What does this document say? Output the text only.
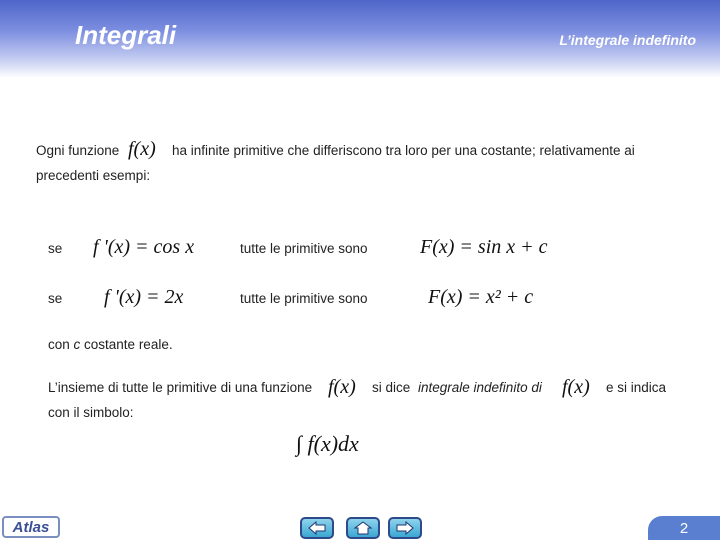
Integrali	L’integrale indefinito
Ogni funzione f(x) ha infinite primitive che differiscono tra loro per una costante; relativamente ai
precedenti esempi:
se f '(x) = cos x	tutte le primitive sono	F(x) = sin x + c
se f '(x) = 2x	tutte le primitive sono	F(x) = x² + c
con c costante reale.
L’insieme di tutte le primitive di una funzione f(x) si dice integrale indefinito di f(x) e si indica
con il simbolo:
∫ f(x)dx
Atlas	2
